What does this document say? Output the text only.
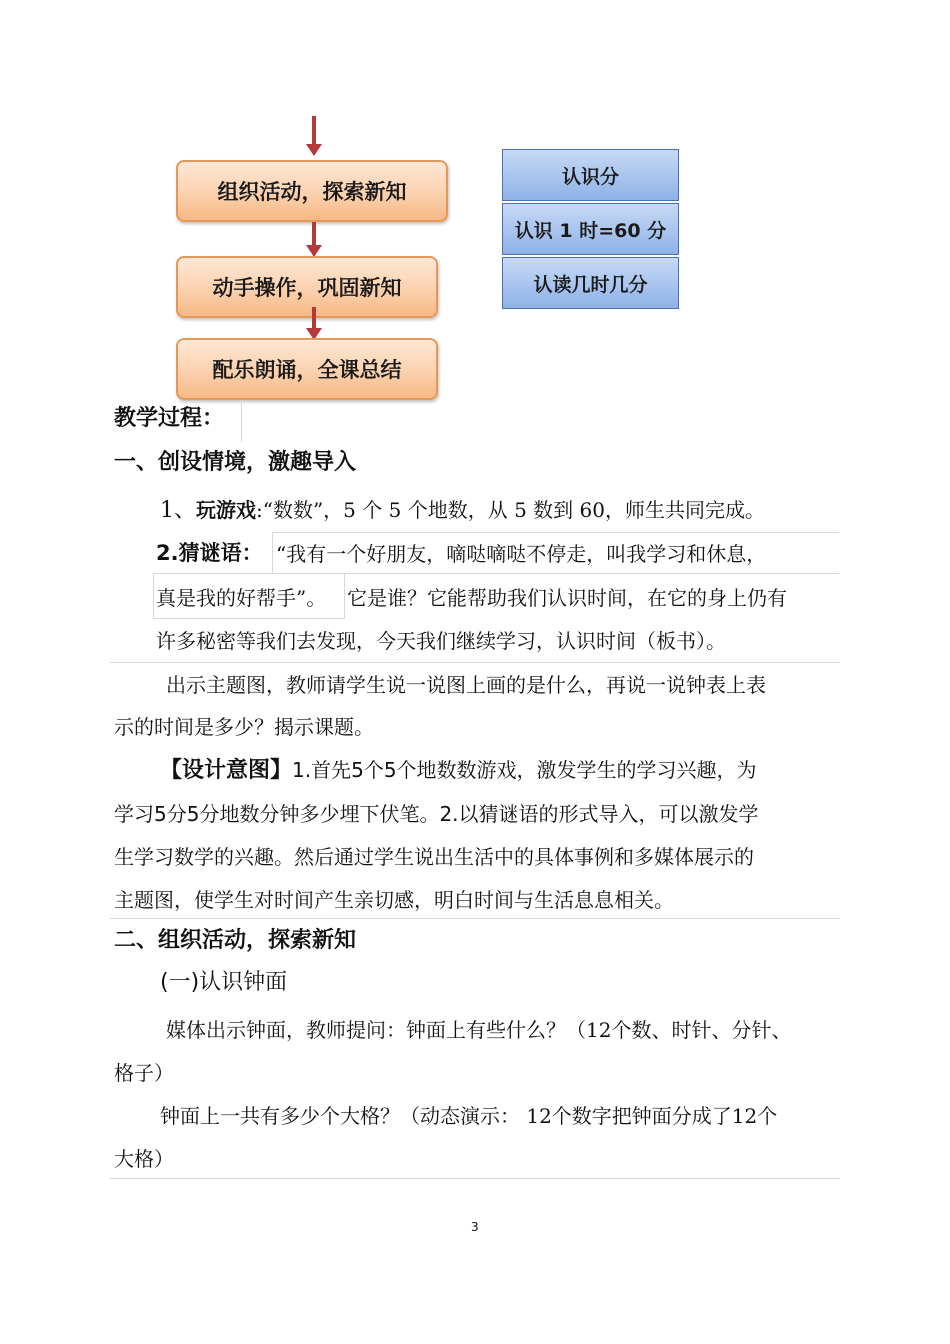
组织活动，探索新知
动手操作，巩固新知
配乐朗诵，全课总结
认识分
认识 1 时=60 分
认读几时几分
教学过程：
一、创设情境，激趣导入
1、玩游戏:“数数”，5 个 5 个地数，从 5 数到 60，师生共同完成。
2.猜谜语： “我有一个好朋友，嘀哒嘀哒不停走，叫我学习和休息，
真是我的好帮手”。 它是谁？它能帮助我们认识时间，在它的身上仍有
许多秘密等我们去发现，今天我们继续学习，认识时间（板书）。
出示主题图，教师请学生说一说图上画的是什么，再说一说钟表上表
示的时间是多少？揭示课题。
【设计意图】1.首先5个5个地数数游戏，激发学生的学习兴趣，为
学习5分5分地数分钟多少埋下伏笔。2.以猜谜语的形式导入，可以激发学
生学习数学的兴趣。然后通过学生说出生活中的具体事例和多媒体展示的
主题图，使学生对时间产生亲切感，明白时间与生活息息相关。
二、组织活动，探索新知
(一)认识钟面
媒体出示钟面，教师提问：钟面上有些什么？（12个数、时针、分针、
格子）
钟面上一共有多少个大格？（动态演示： 12个数字把钟面分成了12个
大格）
3
